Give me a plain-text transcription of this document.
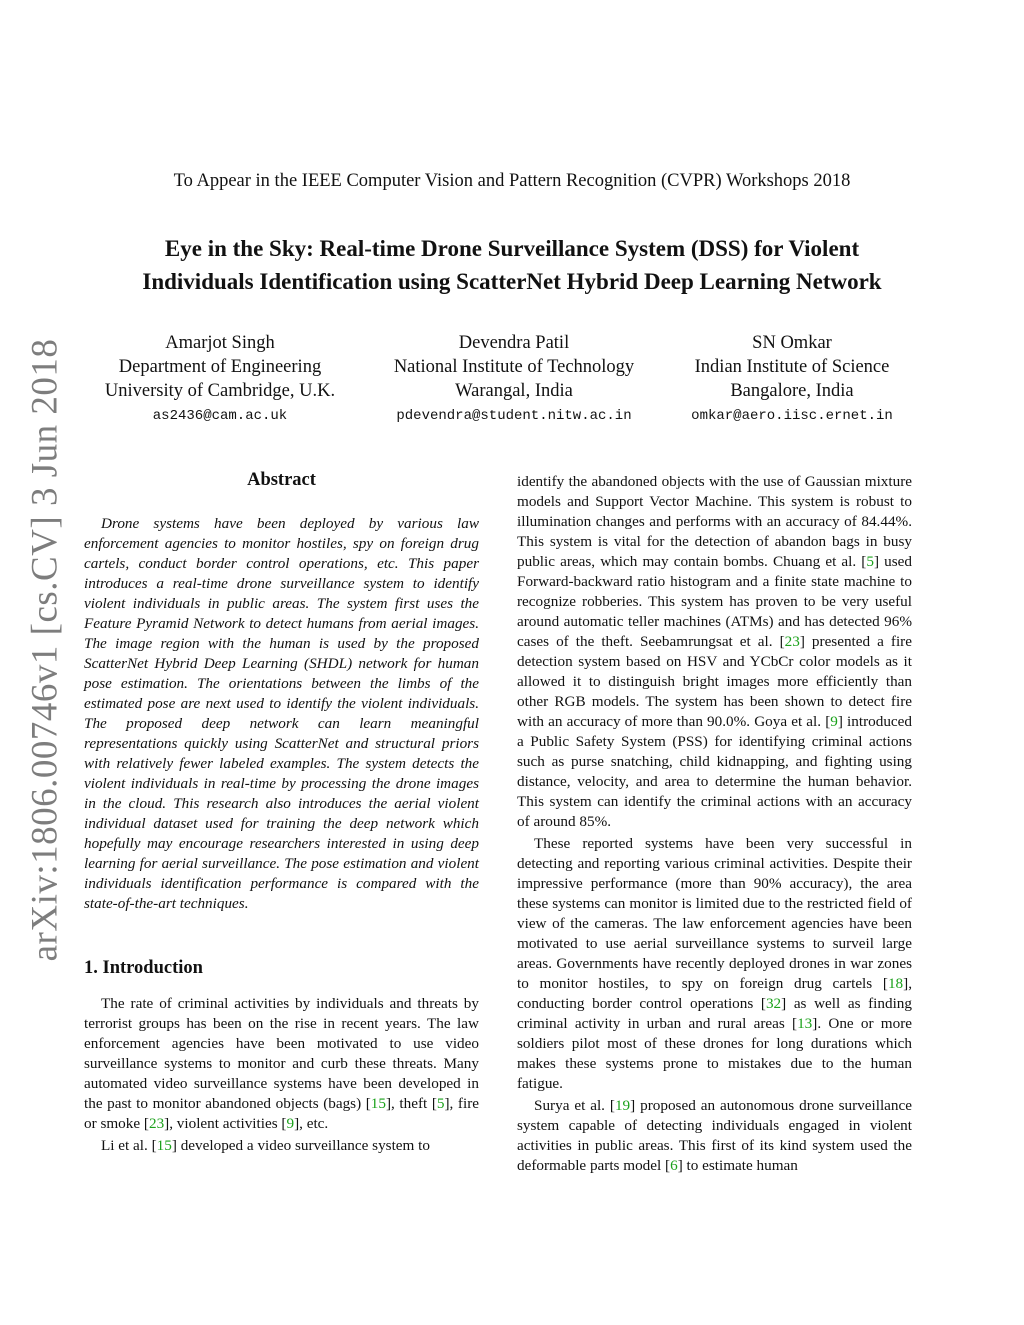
arXiv:1806.00746v1 [cs.CV] 3 Jun 2018
To Appear in the IEEE Computer Vision and Pattern Recognition (CVPR) Workshops 2018
Eye in the Sky: Real-time Drone Surveillance System (DSS) for Violent
Individuals Identification using ScatterNet Hybrid Deep Learning Network
Amarjot Singh
Department of Engineering
University of Cambridge, U.K.
as2436@cam.ac.uk
Devendra Patil
National Institute of Technology
Warangal, India
pdevendra@student.nitw.ac.in
SN Omkar
Indian Institute of Science
Bangalore, India
omkar@aero.iisc.ernet.in
Abstract

Drone systems have been deployed by various law enforcement agencies to monitor hostiles, spy on foreign drug cartels, conduct border control operations, etc. This paper introduces a real-time drone surveillance system to identify violent individuals in public areas. The system first uses the Feature Pyramid Network to detect humans from aerial images. The image region with the human is used by the proposed ScatterNet Hybrid Deep Learning (SHDL) network for human pose estimation. The orientations between the limbs of the estimated pose are next used to identify the violent individuals. The proposed deep network can learn meaningful representations quickly using ScatterNet and structural priors with relatively fewer labeled examples. The system detects the violent individuals in real-time by processing the drone images in the cloud. This research also introduces the aerial violent individual dataset used for training the deep network which hopefully may encourage researchers interested in using deep learning for aerial surveillance. The pose estimation and violent individuals identification performance is compared with the state-of-the-art techniques.

1. Introduction

The rate of criminal activities by individuals and threats by terrorist groups has been on the rise in recent years. The law enforcement agencies have been motivated to use video surveillance systems to monitor and curb these threats. Many automated video surveillance systems have been developed in the past to monitor abandoned objects (bags) [15], theft [5], fire or smoke [23], violent activities [9], etc.

Li et al. [15] developed a video surveillance system to

identify the abandoned objects with the use of Gaussian mixture models and Support Vector Machine. This system is robust to illumination changes and performs with an accuracy of 84.44%. This system is vital for the detection of abandon bags in busy public areas, which may contain bombs. Chuang et al. [5] used Forward-backward ratio histogram and a finite state machine to recognize robberies. This system has proven to be very useful around automatic teller machines (ATMs) and has detected 96% cases of the theft. Seebamrungsat et al. [23] presented a fire detection system based on HSV and YCbCr color models as it allowed it to distinguish bright images more efficiently than other RGB models. The system has been shown to detect fire with an accuracy of more than 90.0%. Goya et al. [9] introduced a Public Safety System (PSS) for identifying criminal actions such as purse snatching, child kidnapping, and fighting using distance, velocity, and area to determine the human behavior. This system can identify the criminal actions with an accuracy of around 85%.

These reported systems have been very successful in detecting and reporting various criminal activities. Despite their impressive performance (more than 90% accuracy), the area these systems can monitor is limited due to the restricted field of view of the cameras. The law enforcement agencies have been motivated to use aerial surveillance systems to surveil large areas. Governments have recently deployed drones in war zones to monitor hostiles, to spy on foreign drug cartels [18], conducting border control operations [32] as well as finding criminal activity in urban and rural areas [13]. One or more soldiers pilot most of these drones for long durations which makes these systems prone to mistakes due to the human fatigue.

Surya et al. [19] proposed an autonomous drone surveillance system capable of detecting individuals engaged in violent activities in public areas. This first of its kind system used the deformable parts model [6] to estimate human
